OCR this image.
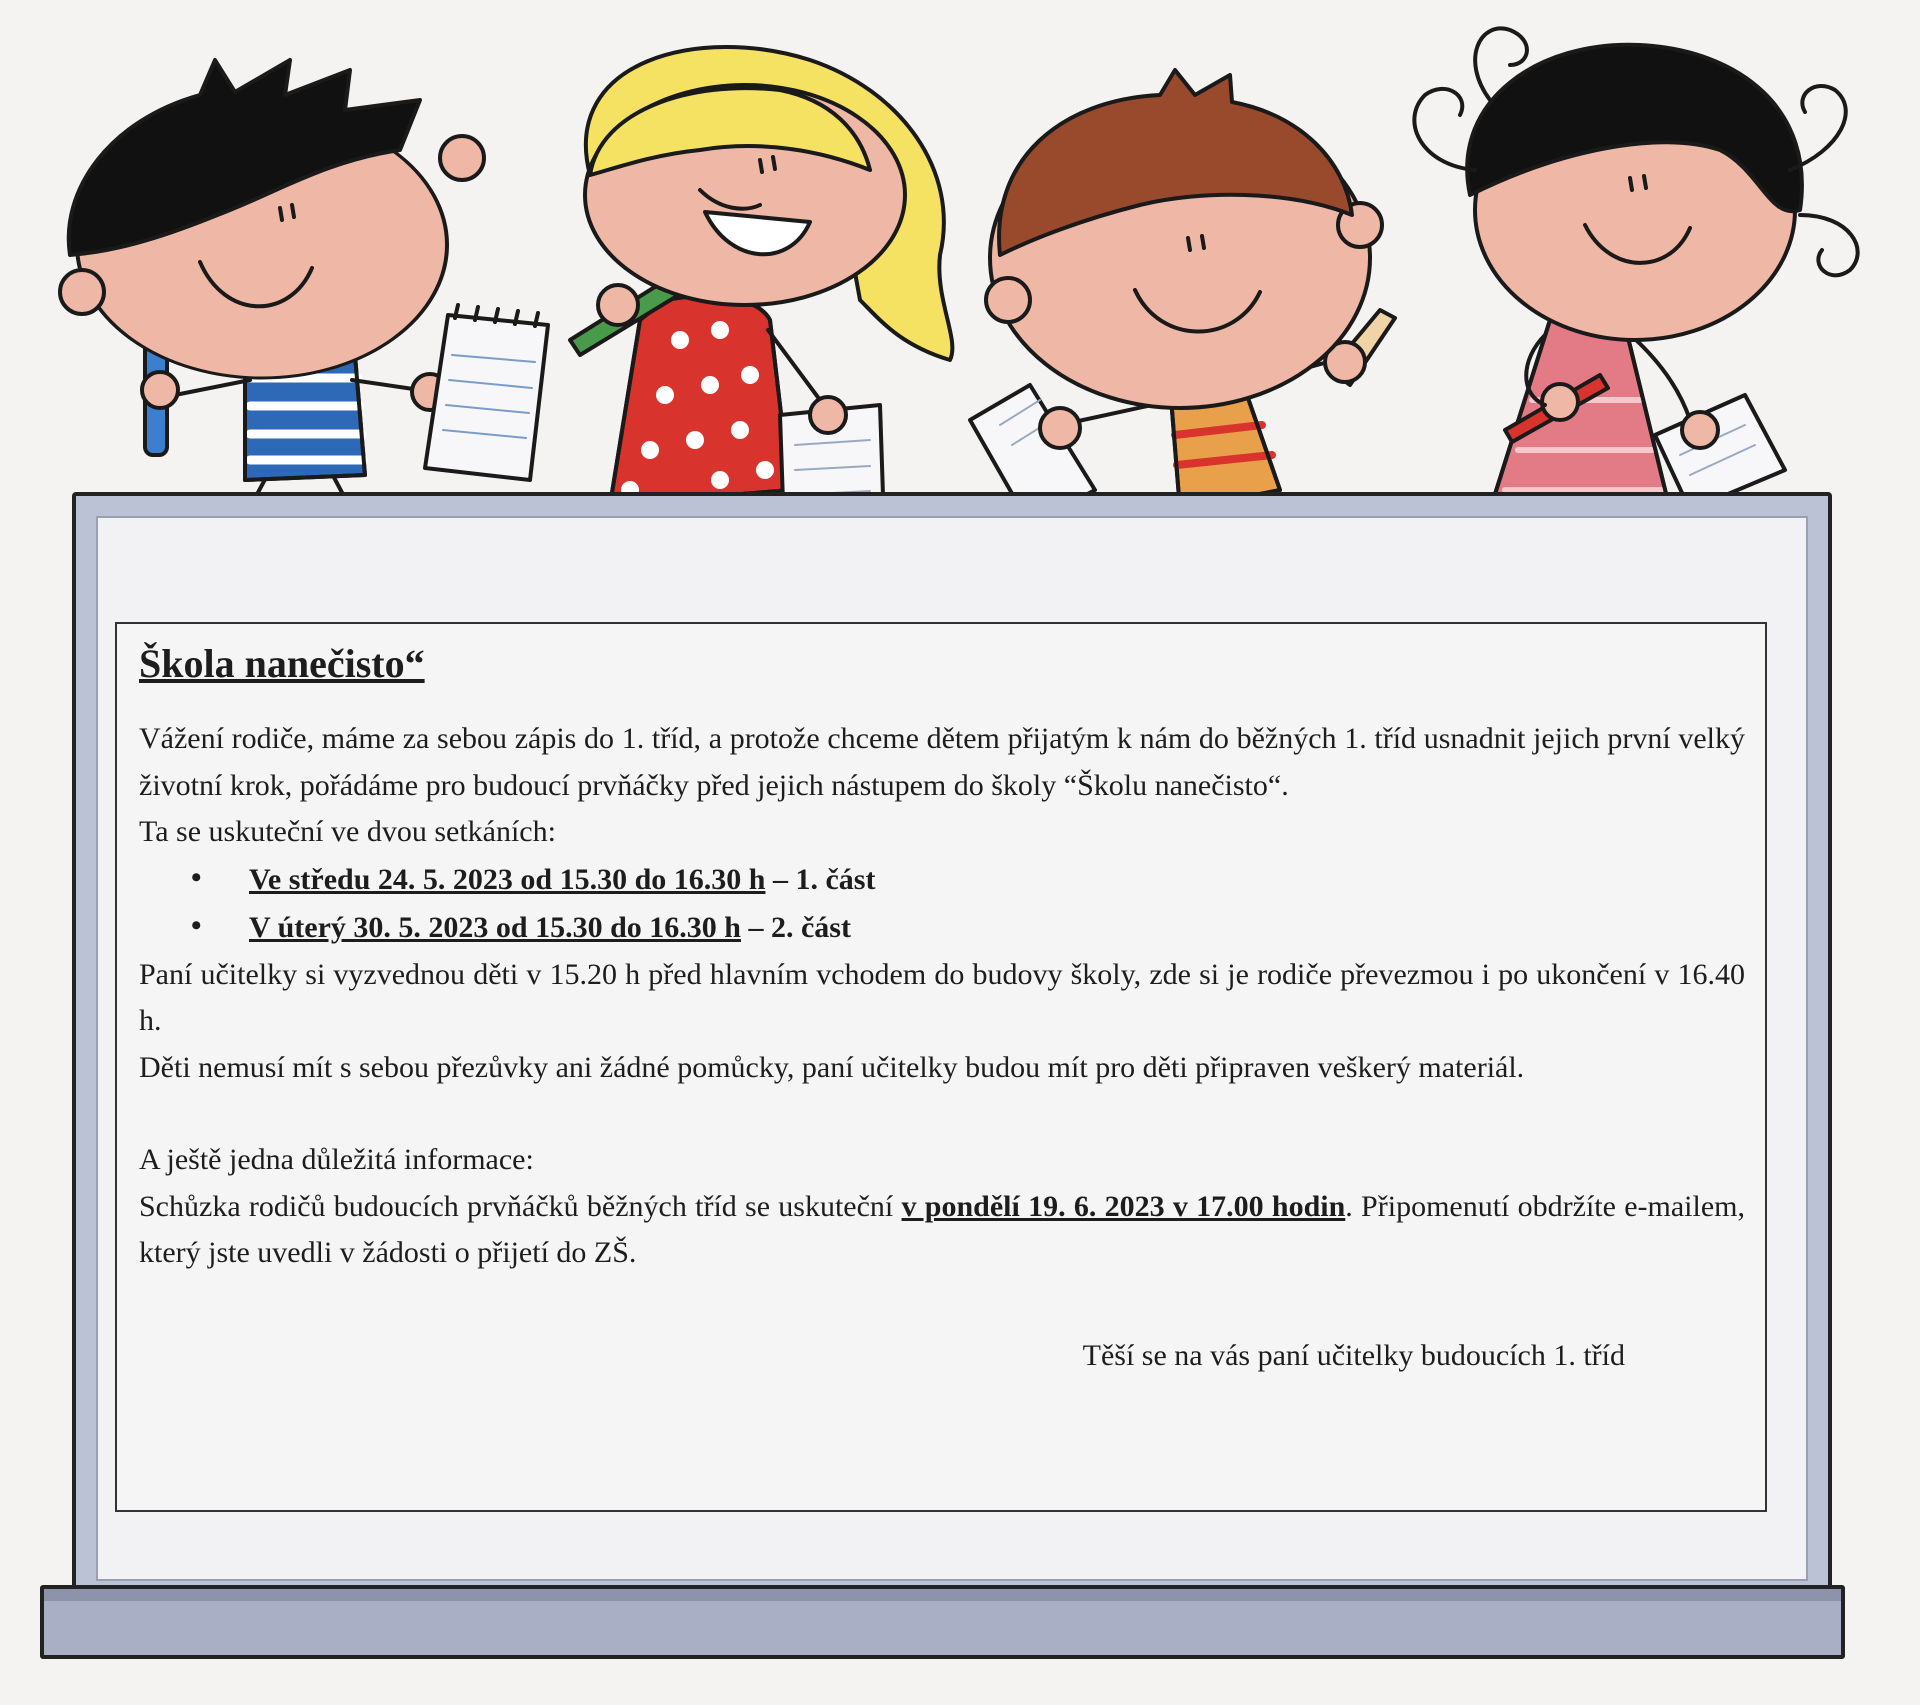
Škola nanečisto“

Vážení rodiče, máme za sebou zápis do 1. tříd, a protože chceme dětem přijatým k nám do běžných 1. tříd usnadnit jejich první velký životní krok, pořádáme pro budoucí prvňáčky před jejich nástupem do školy “Školu nanečisto“.

Ta se uskuteční ve dvou setkáních:

• Ve středu 24. 5. 2023 od 15.30 do 16.30 h – 1. část
• V úterý 30. 5. 2023 od 15.30 do 16.30 h – 2. část

Paní učitelky si vyzvednou děti v 15.20 h před hlavním vchodem do budovy školy, zde si je rodiče převezmou i po ukončení v 16.40 h.

Děti nemusí mít s sebou přezůvky ani žádné pomůcky, paní učitelky budou mít pro děti připraven veškerý materiál.

A ještě jedna důležitá informace:

Schůzka rodičů budoucích prvňáčků běžných tříd se uskuteční v pondělí 19. 6. 2023 v 17.00 hodin. Připomenutí obdržíte e-mailem, který jste uvedli v žádosti o přijetí do ZŠ.

Těší se na vás paní učitelky budoucích 1. tříd
